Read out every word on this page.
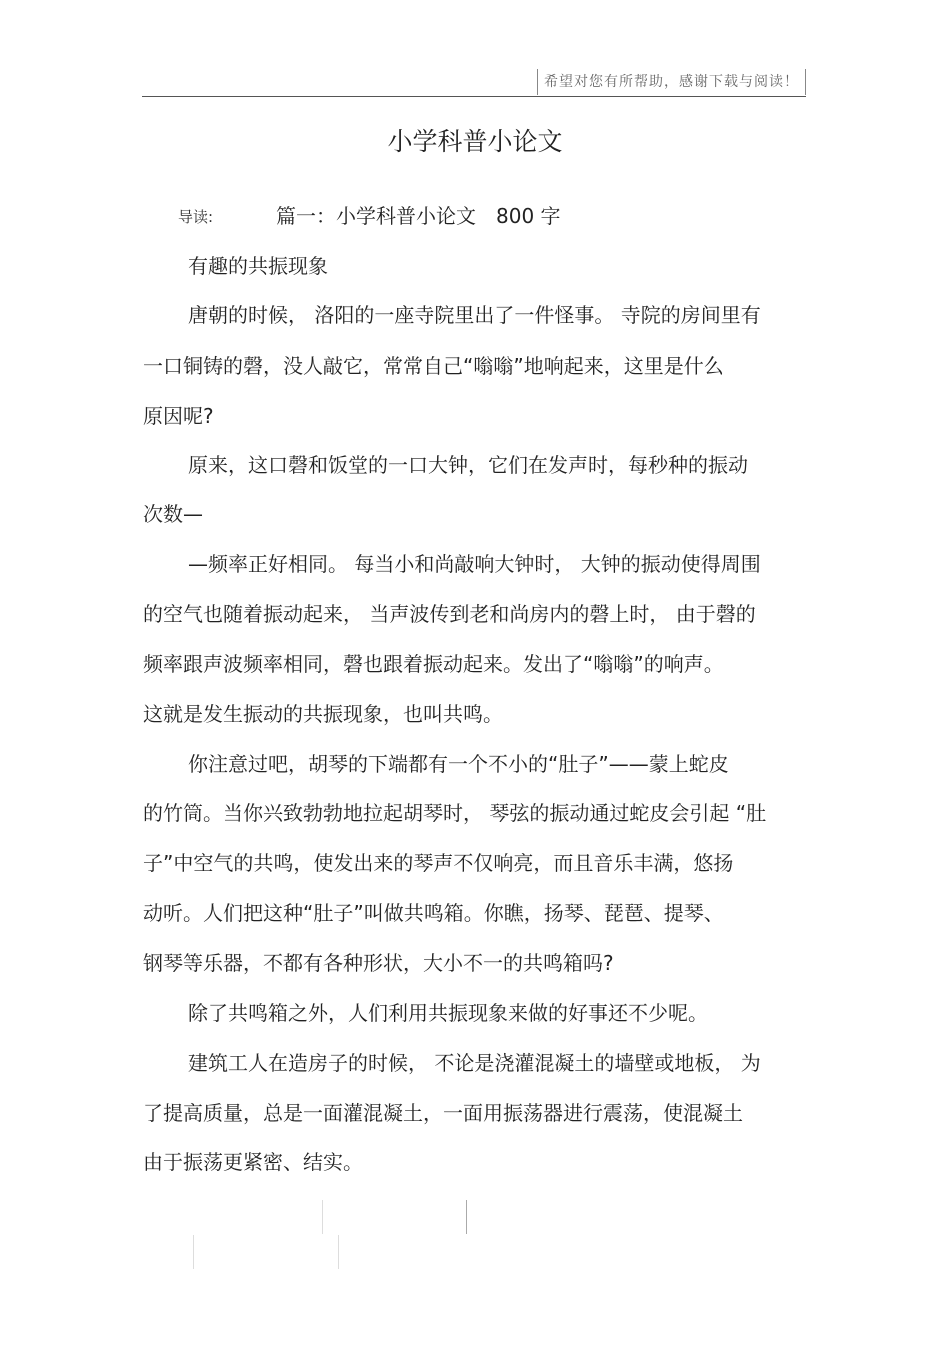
希望对您有所帮助，感谢下载与阅读！
小学科普小论文
导读:	篇一：小学科普小论文　800 字
有趣的共振现象
唐朝的时候， 洛阳的一座寺院里出了一件怪事。 寺院的房间里有
一口铜铸的磬，没人敲它，常常自己“嗡嗡”地响起来，这里是什么
原因呢?
原来，这口磬和饭堂的一口大钟，它们在发声时，每秒种的振动
次数—
—频率正好相同。 每当小和尚敲响大钟时， 大钟的振动使得周围
的空气也随着振动起来， 当声波传到老和尚房内的磬上时， 由于磬的
频率跟声波频率相同，磬也跟着振动起来。发出了“嗡嗡”的响声。
这就是发生振动的共振现象，也叫共鸣。
你注意过吧，胡琴的下端都有一个不小的“肚子”——蒙上蛇皮
的竹筒。当你兴致勃勃地拉起胡琴时， 琴弦的振动通过蛇皮会引起 “肚
子”中空气的共鸣，使发出来的琴声不仅响亮，而且音乐丰满，悠扬
动听。人们把这种“肚子”叫做共鸣箱。你瞧，扬琴、琵琶、提琴、
钢琴等乐器，不都有各种形状，大小不一的共鸣箱吗?
除了共鸣箱之外，人们利用共振现象来做的好事还不少呢。
建筑工人在造房子的时候， 不论是浇灌混凝土的墙壁或地板， 为
了提高质量，总是一面灌混凝土，一面用振荡器进行震荡，使混凝土
由于振荡更紧密、结实。
